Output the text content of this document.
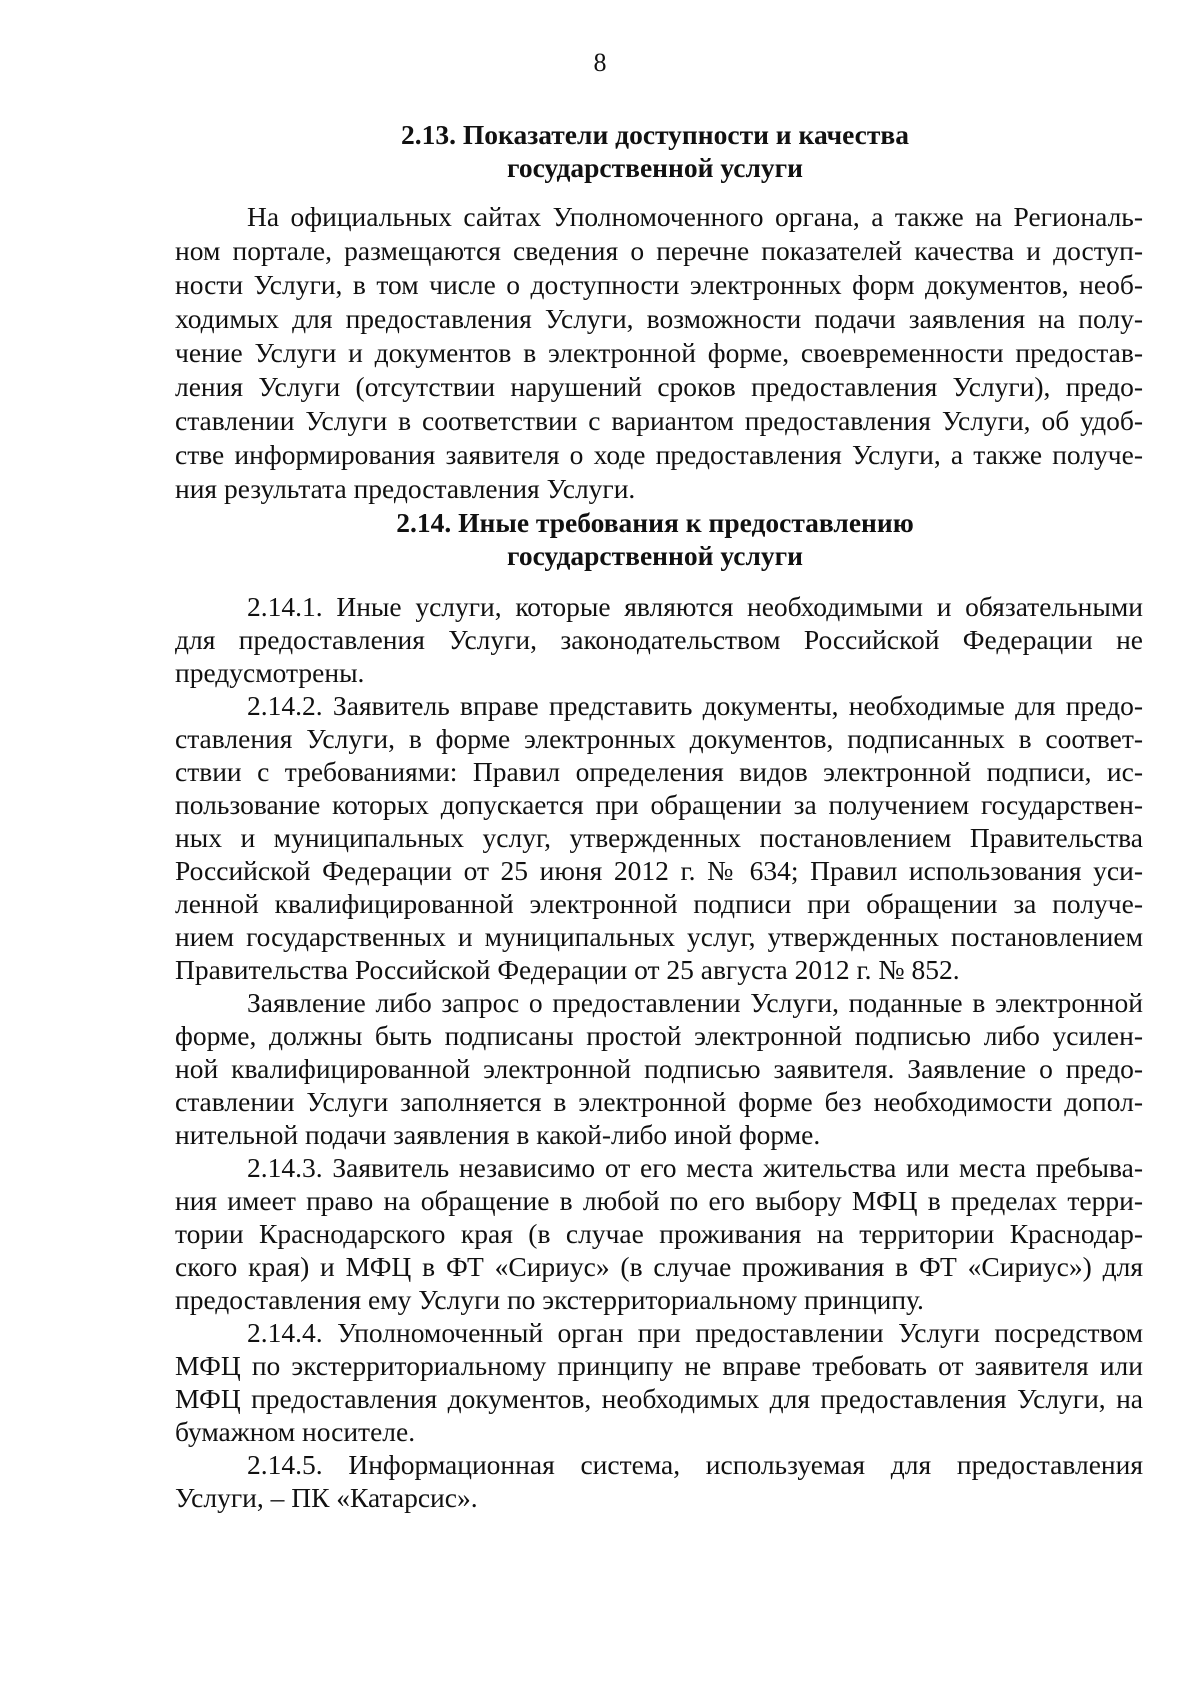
8
2.13. Показатели доступности и качества
государственной услуги
На официальных сайтах Уполномоченного органа, а также на Региональ-
ном портале, размещаются сведения о перечне показателей качества и доступ-
ности Услуги, в том числе о доступности электронных форм документов, необ-
ходимых для предоставления Услуги, возможности подачи заявления на полу-
чение Услуги и документов в электронной форме, своевременности предостав-
ления Услуги (отсутствии нарушений сроков предоставления Услуги), предо-
ставлении Услуги в соответствии с вариантом предоставления Услуги, об удоб-
стве информирования заявителя о ходе предоставления Услуги, а также получе-
ния результата предоставления Услуги.
2.14. Иные требования к предоставлению
государственной услуги
2.14.1. Иные услуги, которые являются необходимыми и обязательными
для предоставления Услуги, законодательством Российской Федерации не
предусмотрены.
2.14.2. Заявитель вправе представить документы, необходимые для предо-
ставления Услуги, в форме электронных документов, подписанных в соответ-
ствии с требованиями: Правил определения видов электронной подписи, ис-
пользование которых допускается при обращении за получением государствен-
ных и муниципальных услуг, утвержденных постановлением Правительства
Российской Федерации от 25 июня 2012 г. № 634; Правил использования уси-
ленной квалифицированной электронной подписи при обращении за получе-
нием государственных и муниципальных услуг, утвержденных постановлением
Правительства Российской Федерации от 25 августа 2012 г. № 852.
Заявление либо запрос о предоставлении Услуги, поданные в электронной
форме, должны быть подписаны простой электронной подписью либо усилен-
ной квалифицированной электронной подписью заявителя. Заявление о предо-
ставлении Услуги заполняется в электронной форме без необходимости допол-
нительной подачи заявления в какой-либо иной форме.
2.14.3. Заявитель независимо от его места жительства или места пребыва-
ния имеет право на обращение в любой по его выбору МФЦ в пределах терри-
тории Краснодарского края (в случае проживания на территории Краснодар-
ского края) и МФЦ в ФТ «Сириус» (в случае проживания в ФТ «Сириус») для
предоставления ему Услуги по экстерриториальному принципу.
2.14.4. Уполномоченный орган при предоставлении Услуги посредством
МФЦ по экстерриториальному принципу не вправе требовать от заявителя или
МФЦ предоставления документов, необходимых для предоставления Услуги, на
бумажном носителе.
2.14.5. Информационная система, используемая для предоставления
Услуги, – ПК «Катарсис».
